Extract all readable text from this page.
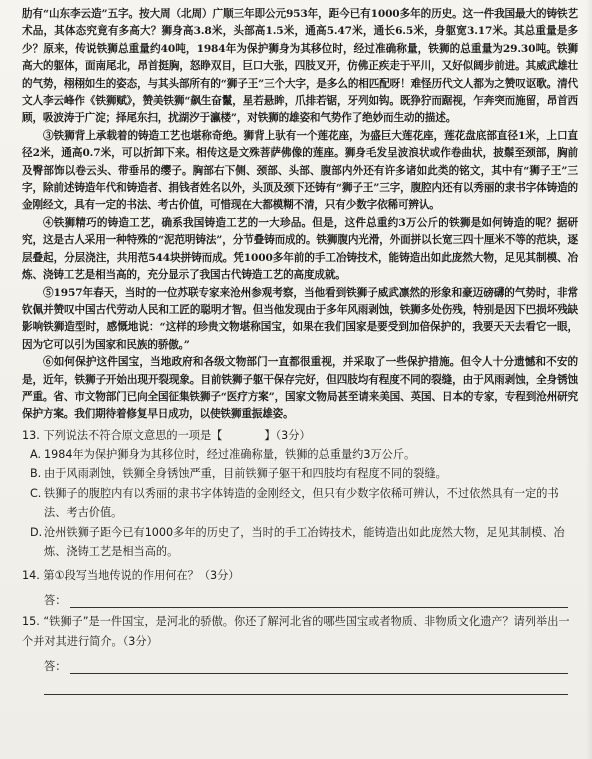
肋有“山东李云造”五字。按大周（北周）广顺三年即公元953年，距今已有1000多年的历史。这一件我国最大的铸铁艺术品，其体态究竟有多高大？狮身高3.8米，头部高1.5米，通高5.47米，通长6.5米，身躯宽3.17米。其总重量是多少？原来，传说铁狮总重量约40吨，1984年为保护狮身为其移位时，经过准确称量，铁狮的总重量为29.30吨。铁狮高大的躯体，面南尾北，昂首挺胸，怒睁双目，巨口大张，四肢叉开，仿佛正疾走于平川，又好似阔步前进。其威武雄壮的气势，栩栩如生的姿态，与其头部所有的“狮子王”三个大字，是多么的相匹配呀！难怪历代文人都为之赞叹讴歌。清代文人李云峰作《铁狮赋》，赞美铁狮“飙生奋鬣，星若悬眸，爪排若锯，牙列如钩。既狰狞而踞视，乍奔突而施留，昂首西顾，吸波涛于广淀；择尾东扫，扰湖汐于瀛楼”，对铁狮的雄姿和气势作了绝妙而生动的描述。

③铁狮背上承载着的铸造工艺也堪称奇绝。狮背上驮有一个莲花座，为盛巨大莲花座，莲花盘底部直径1米，上口直径2米，通高0.7米，可以折卸下来。相传这是文殊菩萨佛像的莲座。狮身毛发呈波浪状或作卷曲状，披鬃至颈部，胸前及臀部饰以卷云头、带垂吊的缨子。胸部右下侧、颈部、头部、腹部内外还有许多诸如此类的铭文，其中有“狮子王”三字，除前述铸造年代和铸造者、捐钱者姓名以外，头顶及颈下还铸有“狮子王”三字，腹腔内还有以秀丽的隶书字体铸造的金刚经文，具有一定的书法、考古价值，可惜现在大都模糊不清，只有少数字依稀可辨认。

④铁狮精巧的铸造工艺，确系我国铸造工艺的一大珍品。但是，这件总重约3万公斤的铁狮是如何铸造的呢？据研究，这是古人采用一种特殊的“泥范明铸法”，分节叠铸而成的。铁狮腹内光滑，外面拼以长宽三四十厘米不等的范块，逐层叠起，分层浇注，共用范544块拼铸而成。凭1000多年前的手工冶铸技术，能铸造出如此庞然大物，足见其制模、冶炼、浇铸工艺是相当高的，充分显示了我国古代铸造工艺的高度成就。

⑤1957年春天，当时的一位苏联专家来沧州参观考察，当他看到铁狮子威武凛然的形象和豪迈磅礴的气势时，非常钦佩并赞叹中国古代劳动人民和工匠的聪明才智。但当他发现由于多年风雨剥蚀，铁狮多处伤残，特别是因下巴损坏残缺影响铁狮造型时，感慨地说：“这样的珍贵文物堪称国宝，如果在我们国家是要受到加倍保护的，我要天天去看它一眼，因为它可以引为国家和民族的骄傲。”

⑥如何保护这件国宝，当地政府和各级文物部门一直都很重视，并采取了一些保护措施。但令人十分遗憾和不安的是，近年，铁狮子开始出现开裂现象。目前铁狮子躯干保存完好，但四肢均有程度不同的裂缝，由于风雨剥蚀，全身锈蚀严重。省、市文物部门已向全国征集铁狮子“医疗方案”，国家文物局甚至请来美国、英国、日本的专家，专程到沧州研究保护方案。我们期待着修复早日成功，以使铁狮重振雄姿。

13. 下列说法不符合原文意思的一项是【	】（3分）

A. 1984年为保护狮身为其移位时，经过准确称量，铁狮的总重量约3万公斤。

B. 由于风雨剥蚀，铁狮全身锈蚀严重，目前铁狮子躯干和四肢均有程度不同的裂缝。

C. 铁狮子的腹腔内有以秀丽的隶书字体铸造的金刚经文，但只有少数字依稀可辨认，不过依然具有一定的书法、考古价值。

D. 沧州铁狮子距今已有1000多年的历史了，当时的手工冶铸技术，能铸造出如此庞然大物，足见其制模、冶炼、浇铸工艺是相当高的。

14. 第①段写当地传说的作用何在？（3分）

答：

15. “铁狮子”是一件国宝，是河北的骄傲。你还了解河北省的哪些国宝或者物质、非物质文化遗产？请列举出一个并对其进行简介。（3分）

答：
